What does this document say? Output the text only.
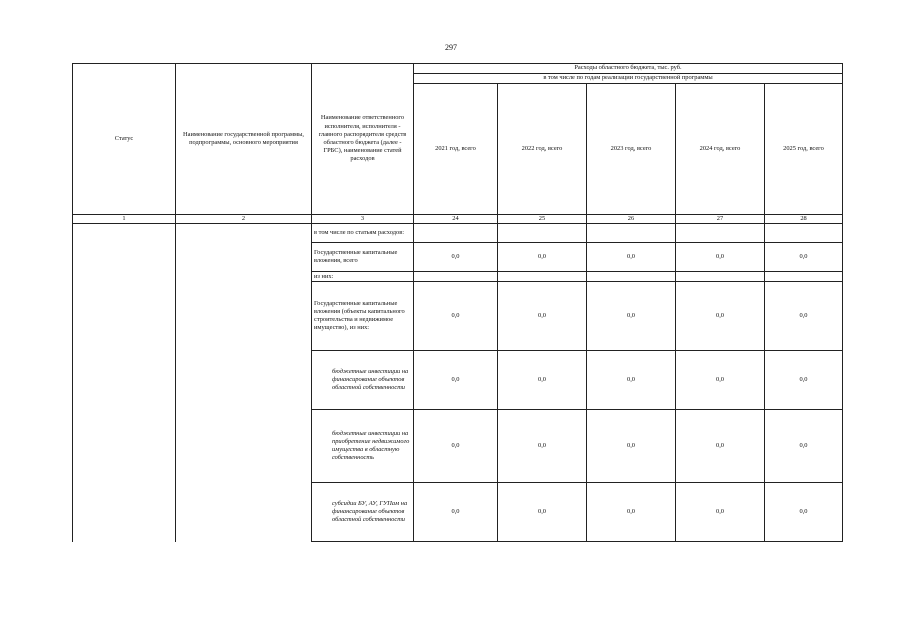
297
Статус	Наименование государственной программы, подпрограммы, основного мероприятия	Наименование ответственного исполнителя, исполнителя - главного распорядителя средств областного бюджета (далее - ГРБС), наименование статей расходов	Расходы областного бюджета, тыс. руб.				
			в том числе по годам реализации государственной программы				
			2021 год, всего	2022 год, всего	2023 год, всего	2024 год, всего	2025 год, всего
1	2	3	24	25	26	27	28
		в том числе по статьям расходов:					
		Государственные капитальные вложения, всего	0,0	0,0	0,0	0,0	0,0
		из них:					
		Государственные капитальные вложения (объекты капитального строительства и недвижимое имущество), из них:	0,0	0,0	0,0	0,0	0,0
		бюджетные инвестиции на финансирование объектов областной собственности	0,0	0,0	0,0	0,0	0,0
		бюджетные инвестиции на приобретение недвижимого имущества в областную собственность	0,0	0,0	0,0	0,0	0,0
		субсидии БУ, АУ, ГУПам на финансирование объектов областной собственности	0,0	0,0	0,0	0,0	0,0
